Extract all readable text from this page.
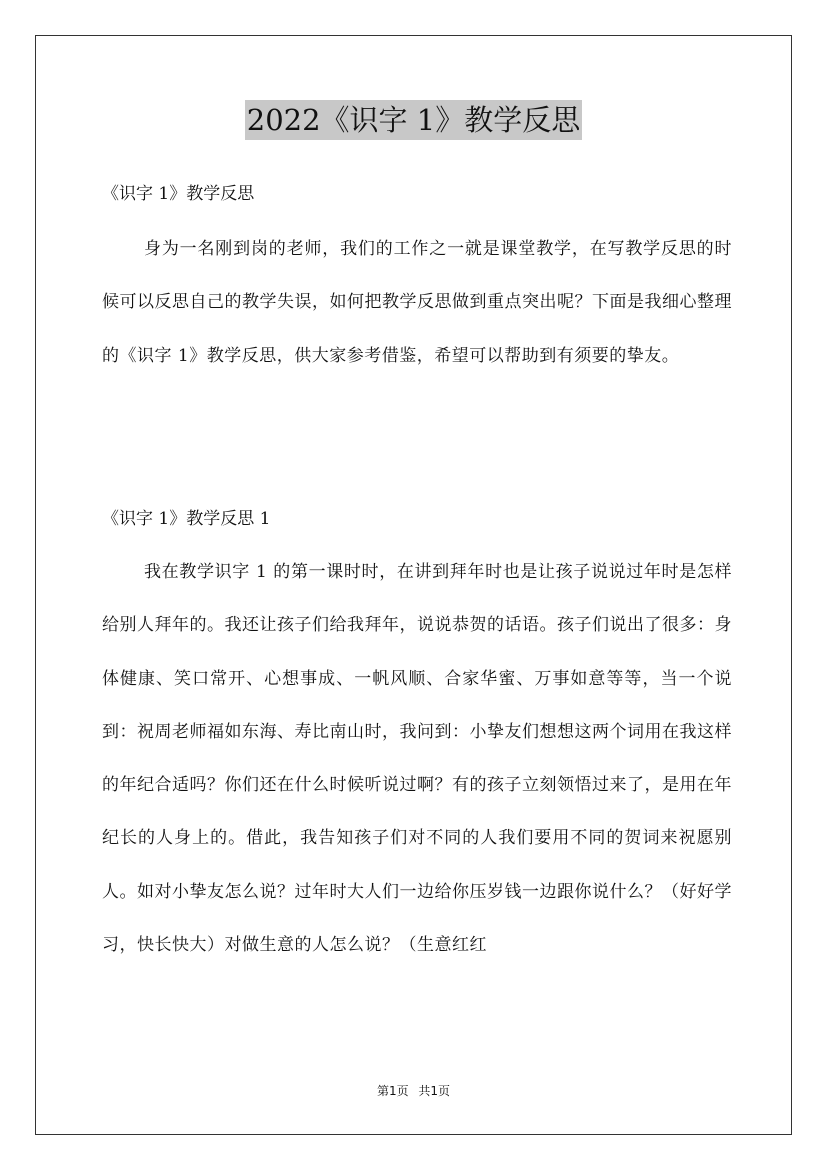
2022《识字 1》教学反思

《识字 1》教学反思

身为一名刚到岗的老师，我们的工作之一就是课堂教学，在写教学反思的时候可以反思自己的教学失误，如何把教学反思做到重点突出呢？下面是我细心整理的《识字 1》教学反思，供大家参考借鉴，希望可以帮助到有须要的挚友。

《识字 1》教学反思 1

我在教学识字 1 的第一课时时，在讲到拜年时也是让孩子说说过年时是怎样给别人拜年的。我还让孩子们给我拜年，说说恭贺的话语。孩子们说出了很多：身体健康、笑口常开、心想事成、一帆风顺、合家华蜜、万事如意等等，当一个说到：祝周老师福如东海、寿比南山时，我问到：小挚友们想想这两个词用在我这样的年纪合适吗？你们还在什么时候听说过啊？有的孩子立刻领悟过来了，是用在年纪长的人身上的。借此，我告知孩子们对不同的人我们要用不同的贺词来祝愿别人。如对小挚友怎么说？过年时大人们一边给你压岁钱一边跟你说什么？（好好学习，快长快大）对做生意的人怎么说？（生意红红

第1页 共1页
